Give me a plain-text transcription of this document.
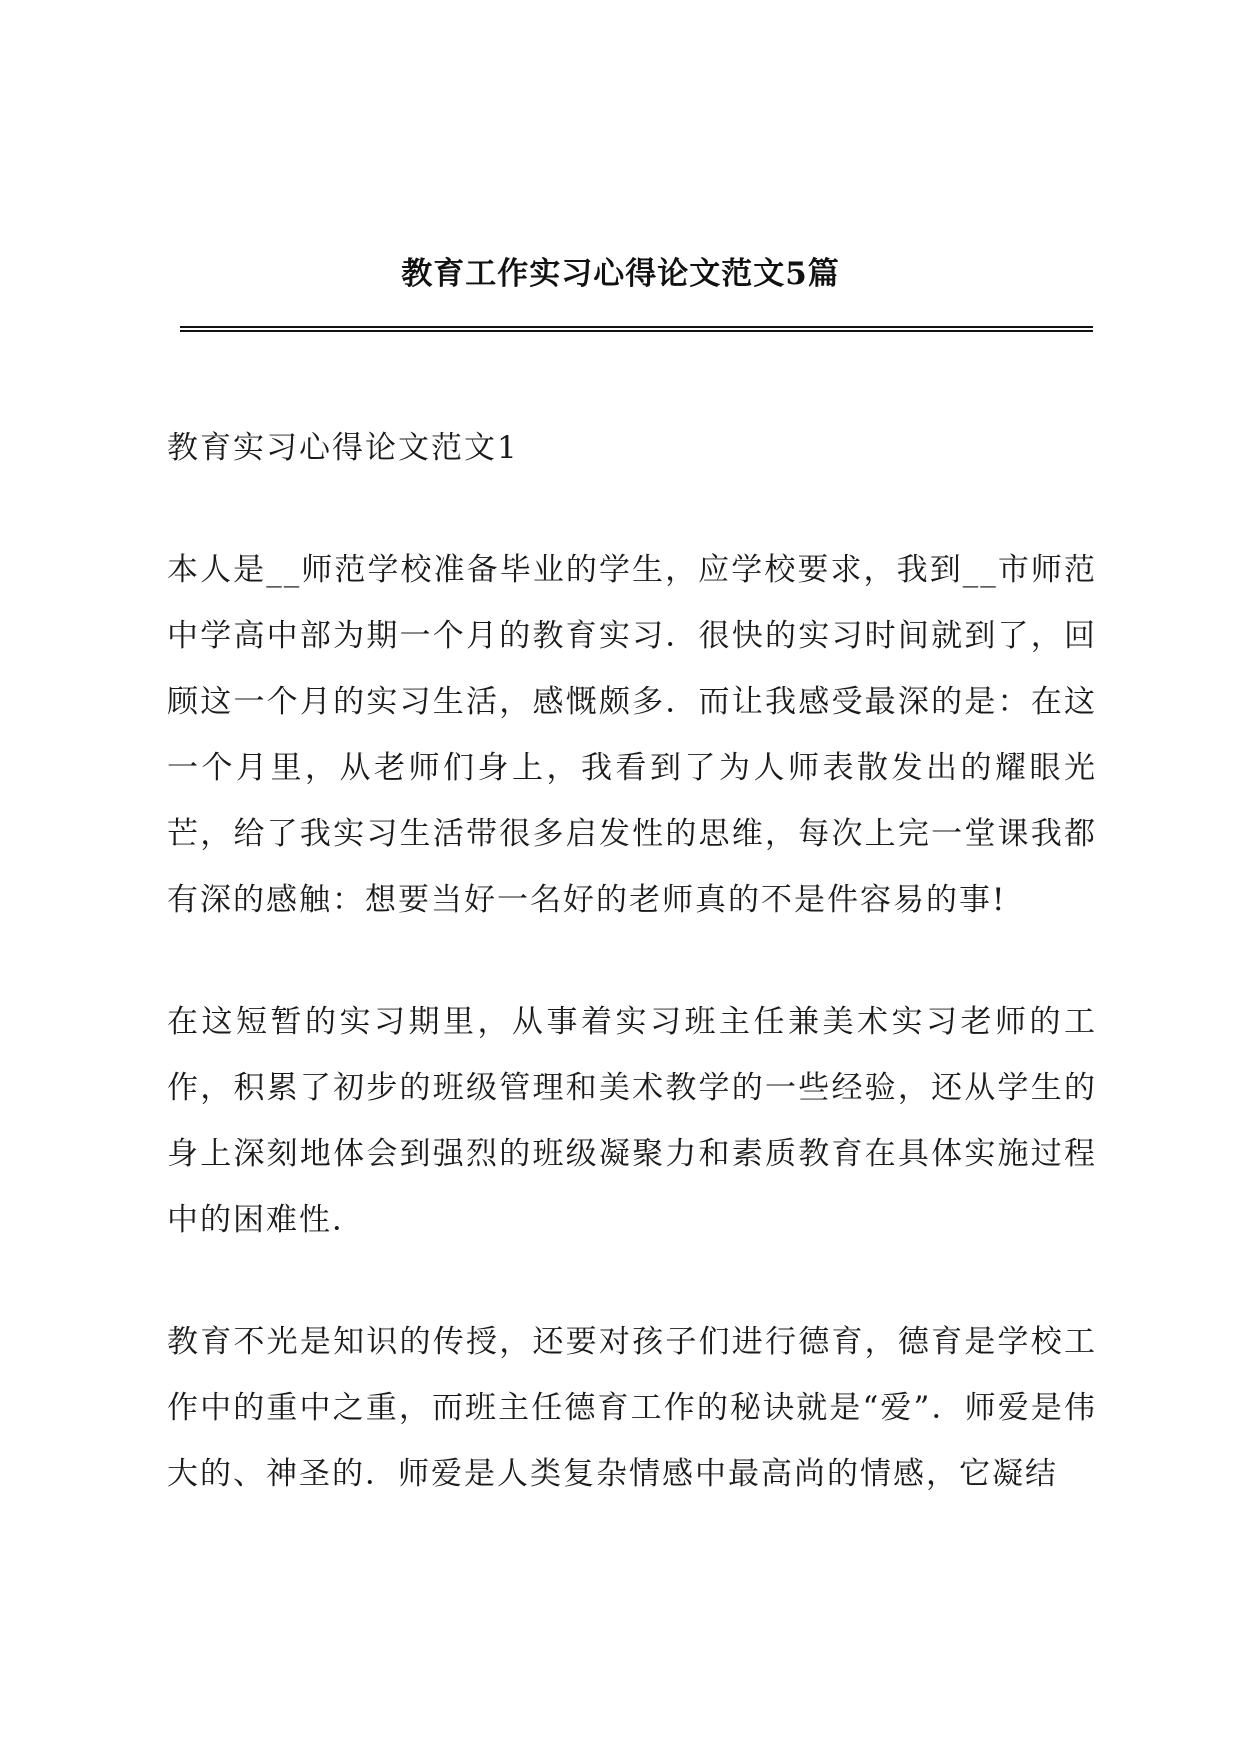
教育工作实习心得论文范文5篇

教育实习心得论文范文1

本人是__师范学校准备毕业的学生，应学校要求，我到__市师范中学高中部为期一个月的教育实习．很快的实习时间就到了，回顾这一个月的实习生活，感慨颇多．而让我感受最深的是：在这一个月里，从老师们身上，我看到了为人师表散发出的耀眼光芒，给了我实习生活带很多启发性的思维，每次上完一堂课我都有深的感触：想要当好一名好的老师真的不是件容易的事!

在这短暂的实习期里，从事着实习班主任兼美术实习老师的工作，积累了初步的班级管理和美术教学的一些经验，还从学生的身上深刻地体会到强烈的班级凝聚力和素质教育在具体实施过程中的困难性．

教育不光是知识的传授，还要对孩子们进行德育，德育是学校工作中的重中之重，而班主任德育工作的秘诀就是“爱”．师爱是伟大的、神圣的．师爱是人类复杂情感中最高尚的情感，它凝结
